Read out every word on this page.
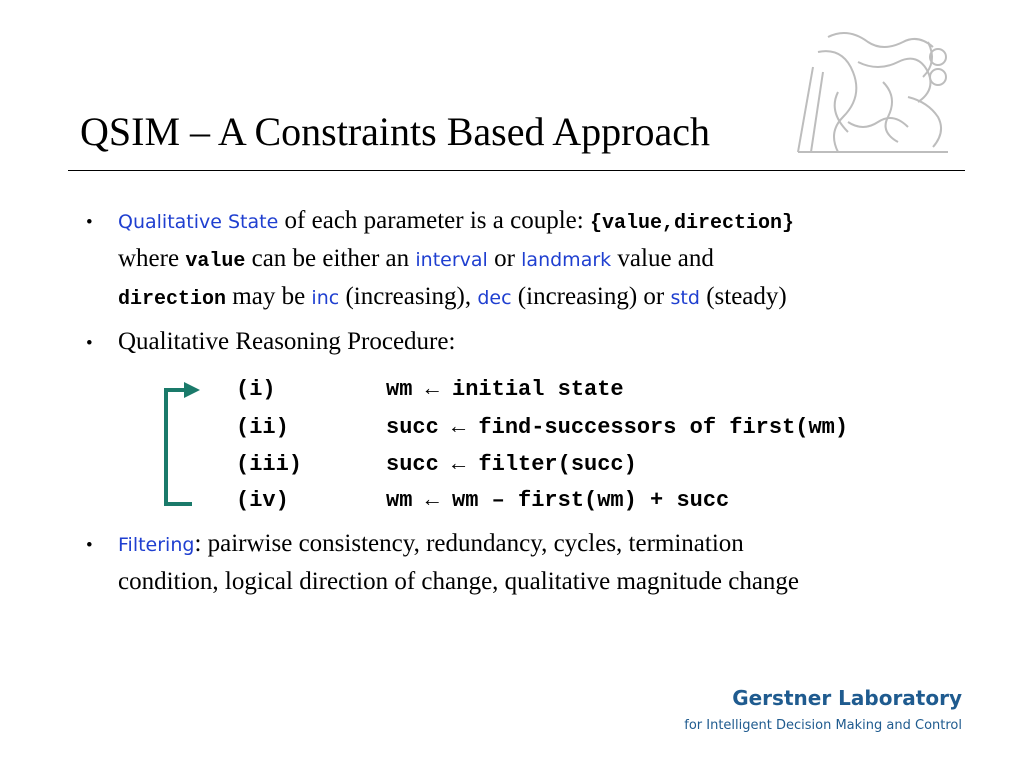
QSIM – A Constraints Based Approach
• Qualitative State of each parameter is a couple: {value,direction}
where value can be either an interval or landmark value and
direction may be inc (increasing), dec (increasing) or std (steady)
• Qualitative Reasoning Procedure:
(i)	wm ← initial state
(ii)	succ ← find-successors of first(wm)
(iii)	succ ← filter(succ)
(iv)	wm ← wm – first(wm) + succ
• Filtering: pairwise consistency, redundancy, cycles, termination
condition, logical direction of change, qualitative magnitude change
Gerstner Laboratory
for Intelligent Decision Making and Control
